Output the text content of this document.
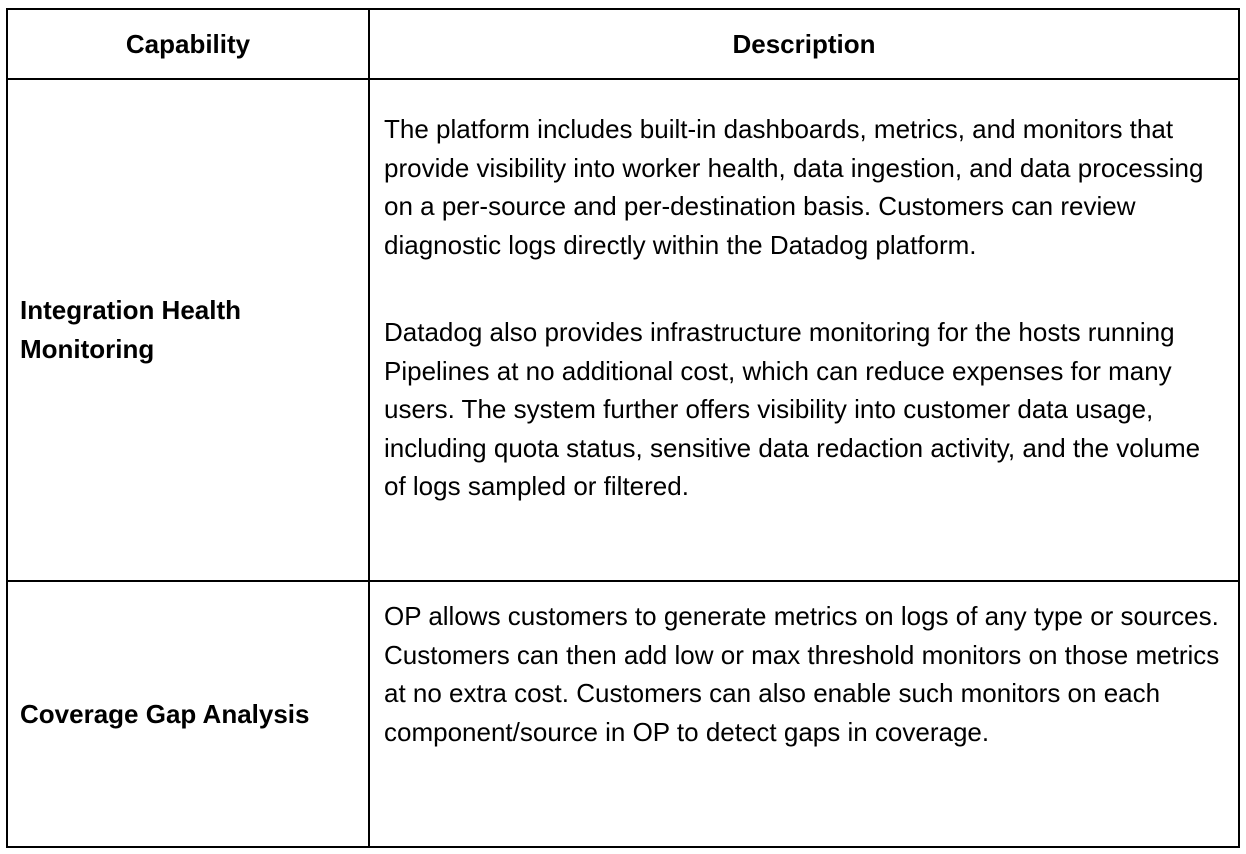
Capability	Description
Integration Health Monitoring	The platform includes built-in dashboards, metrics, and monitors that provide visibility into worker health, data ingestion, and data processing on a per-source and per-destination basis. Customers can review diagnostic logs directly within the Datadog platform.

Datadog also provides infrastructure monitoring for the hosts running Pipelines at no additional cost, which can reduce expenses for many users. The system further offers visibility into customer data usage, including quota status, sensitive data redaction activity, and the volume of logs sampled or filtered.

Coverage Gap Analysis	OP allows customers to generate metrics on logs of any type or sources. Customers can then add low or max threshold monitors on those metrics at no extra cost. Customers can also enable such monitors on each component/source in OP to detect gaps in coverage.
